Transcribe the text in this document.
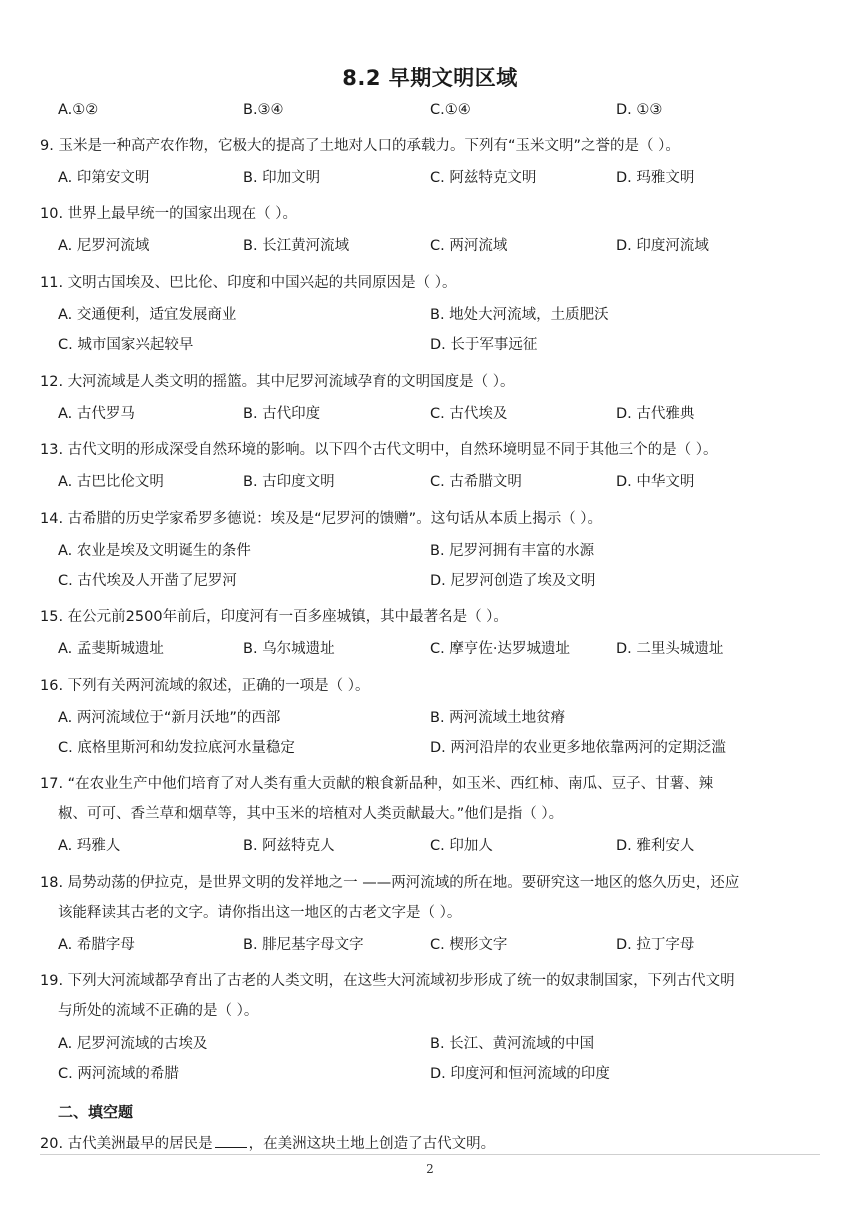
8.2 早期文明区域
A.①②	B.③④	C.①④	D. ①③
9. 玉米是一种高产农作物，它极大的提高了土地对人口的承载力。下列有“玉米文明”之誉的是（ ）。
A. 印第安文明	B. 印加文明	C. 阿兹特克文明	D. 玛雅文明
10. 世界上最早统一的国家出现在（ ）。
A. 尼罗河流域	B. 长江黄河流域	C. 两河流域	D. 印度河流域
11. 文明古国埃及、巴比伦、印度和中国兴起的共同原因是（ ）。
A. 交通便利，适宜发展商业	B. 地处大河流域，土质肥沃
C. 城市国家兴起较早	D. 长于军事远征
12. 大河流域是人类文明的摇篮。其中尼罗河流域孕育的文明国度是（ ）。
A. 古代罗马	B. 古代印度	C. 古代埃及	D. 古代雅典
13. 古代文明的形成深受自然环境的影响。以下四个古代文明中，自然环境明显不同于其他三个的是（ ）。
A. 古巴比伦文明	B. 古印度文明	C. 古希腊文明	D. 中华文明
14. 古希腊的历史学家希罗多德说：埃及是“尼罗河的馈赠”。这句话从本质上揭示（ ）。
A. 农业是埃及文明诞生的条件	B. 尼罗河拥有丰富的水源
C. 古代埃及人开凿了尼罗河	D. 尼罗河创造了埃及文明
15. 在公元前2500年前后，印度河有一百多座城镇，其中最著名是（ ）。
A. 孟斐斯城遗址	B. 乌尔城遗址	C. 摩亨佐·达罗城遗址	D. 二里头城遗址
16. 下列有关两河流域的叙述，正确的一项是（ ）。
A. 两河流域位于“新月沃地”的西部	B. 两河流域土地贫瘠
C. 底格里斯河和幼发拉底河水量稳定	D. 两河沿岸的农业更多地依靠两河的定期泛滥
17. “在农业生产中他们培育了对人类有重大贡献的粮食新品种，如玉米、西红柿、南瓜、豆子、甘薯、辣
椒、可可、香兰草和烟草等，其中玉米的培植对人类贡献最大。”他们是指（ ）。
A. 玛雅人	B. 阿兹特克人	C. 印加人	D. 雅利安人
18. 局势动荡的伊拉克，是世界文明的发祥地之一 ——两河流域的所在地。要研究这一地区的悠久历史，还应
该能释读其古老的文字。请你指出这一地区的古老文字是（ ）。
A. 希腊字母	B. 腓尼基字母文字	C. 楔形文字	D. 拉丁字母
19. 下列大河流域都孕育出了古老的人类文明，在这些大河流域初步形成了统一的奴隶制国家，下列古代文明
与所处的流域不正确的是（ ）。
A. 尼罗河流域的古埃及	B. 长江、黄河流域的中国
C. 两河流域的希腊	D. 印度河和恒河流域的印度
二、填空题
20. 古代美洲最早的居民是 ，在美洲这块土地上创造了古代文明。
2
